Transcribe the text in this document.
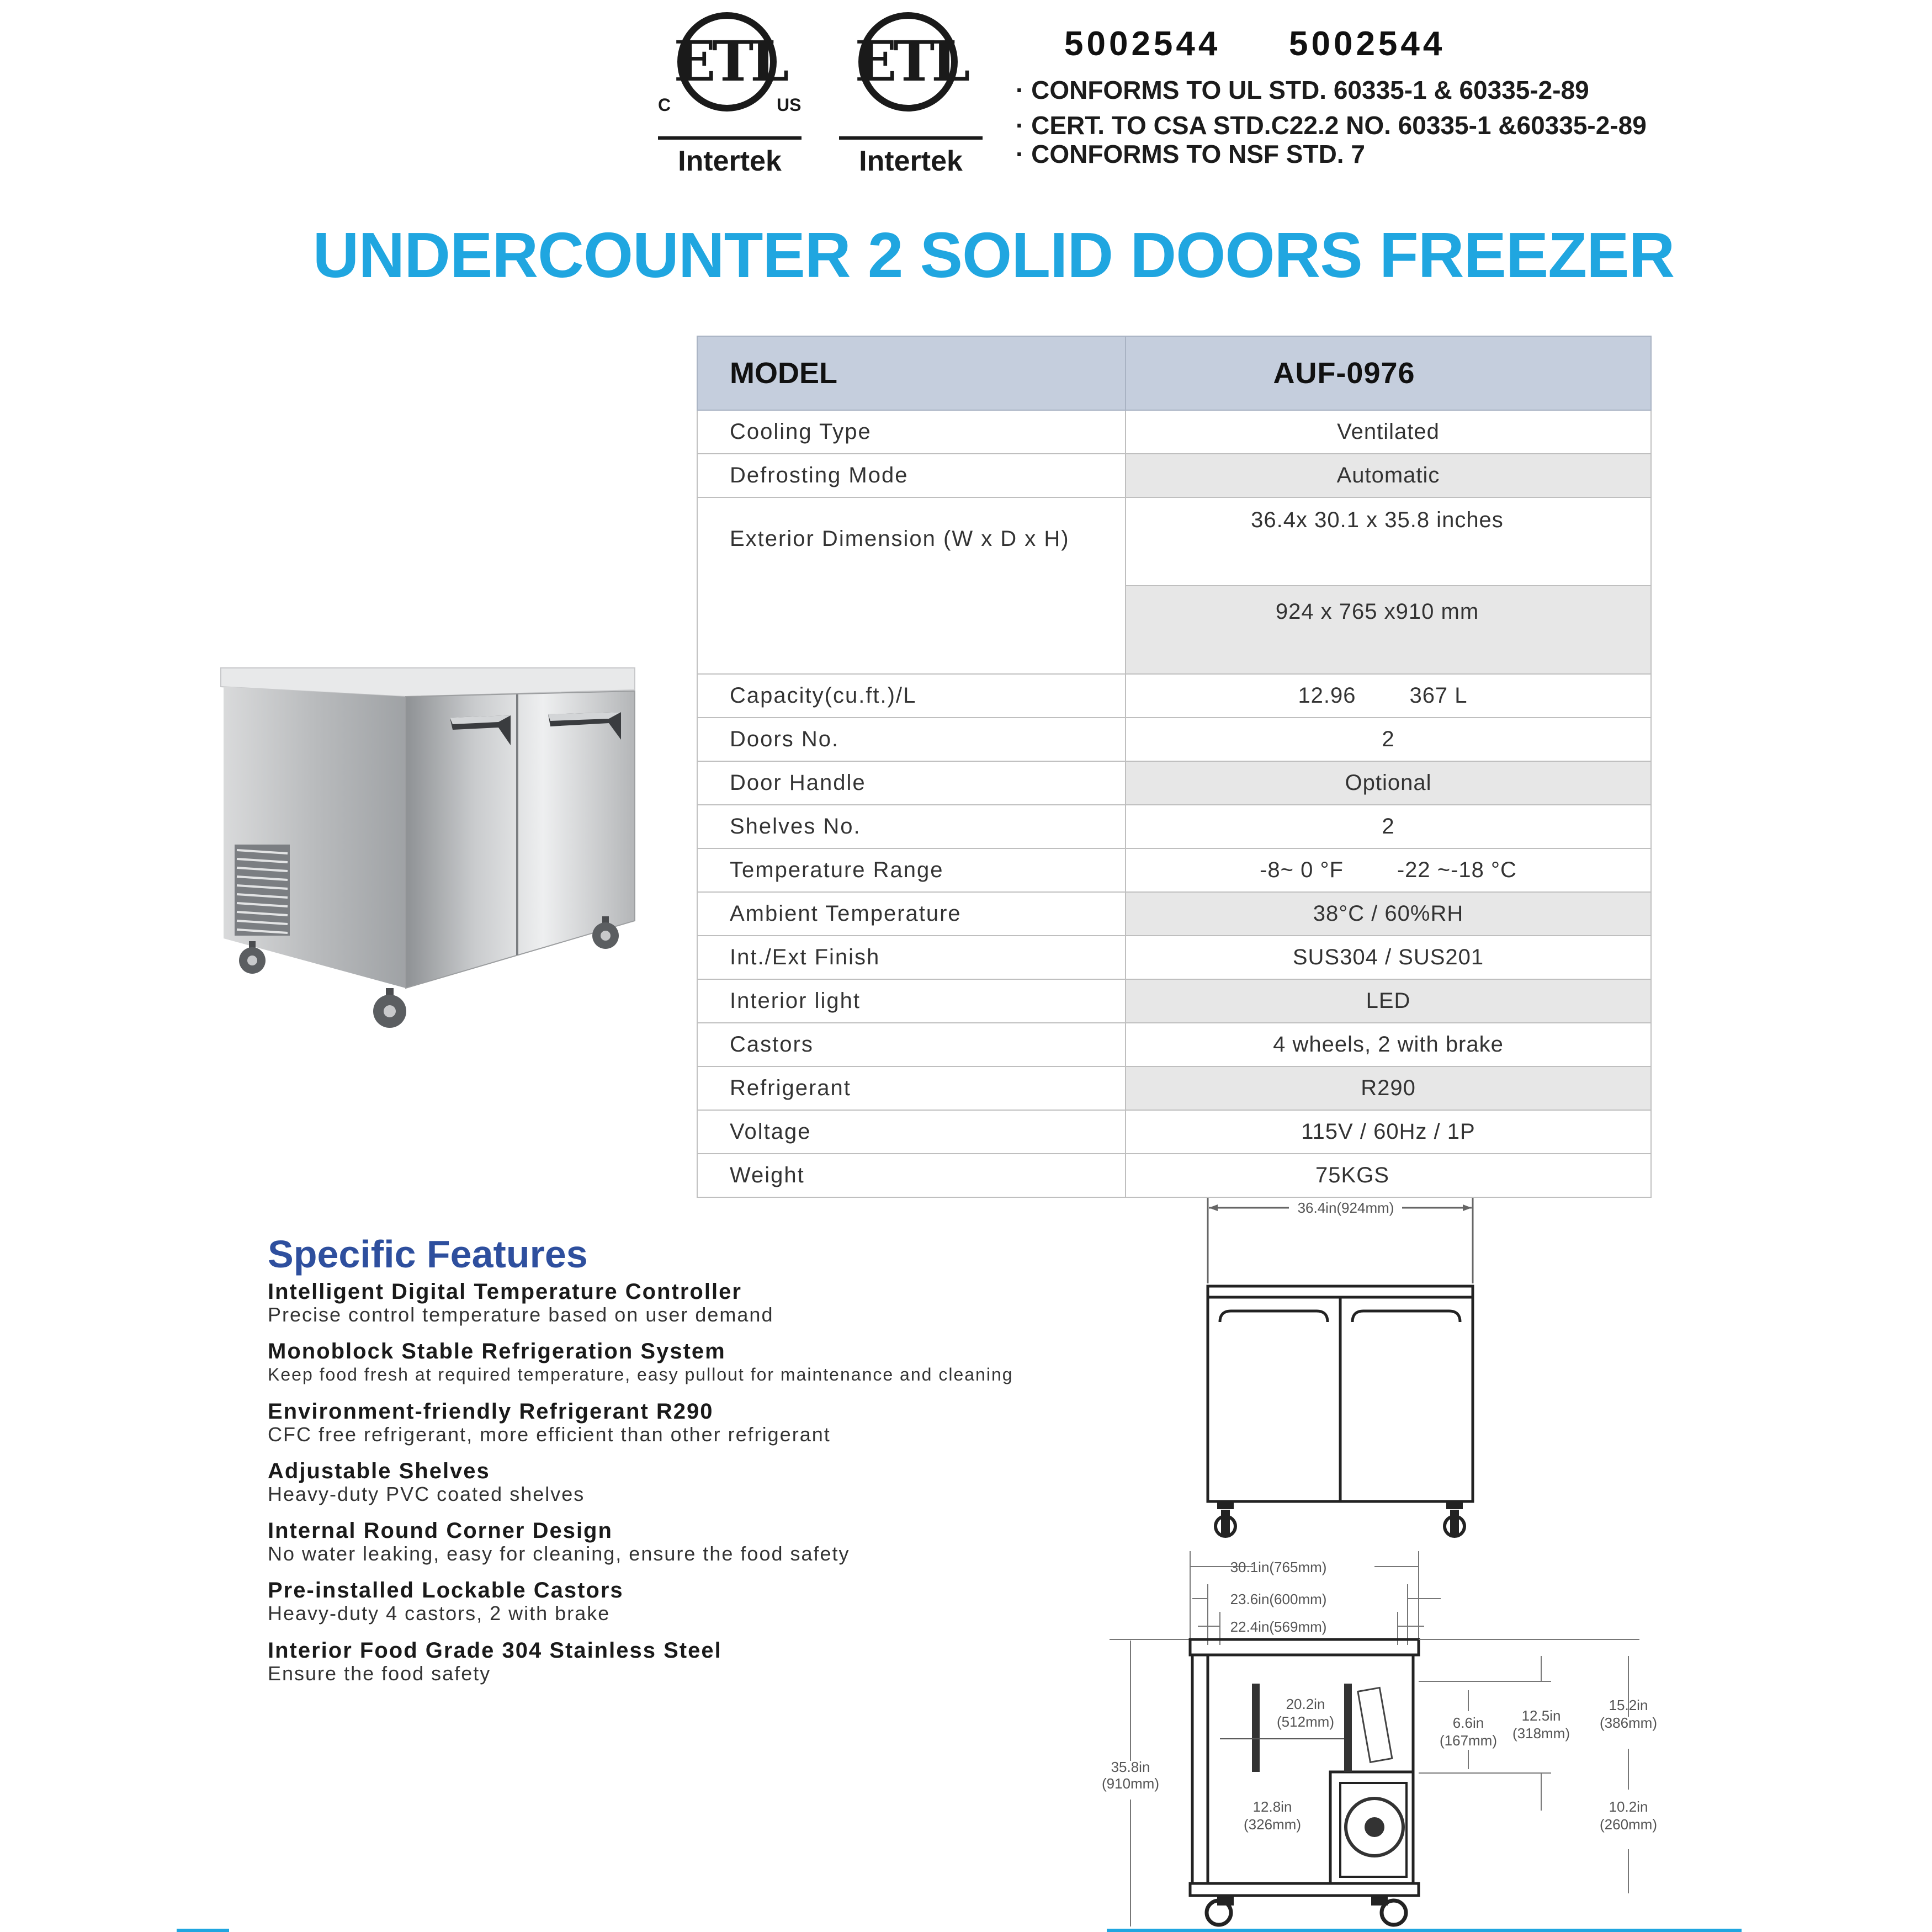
ETL
C	US
Intertek
ETL
Intertek
5002544 5002544
· CONFORMS TO UL STD. 60335-1 & 60335-2-89
· CERT. TO CSA STD.C22.2 NO. 60335-1 &60335-2-89
· CONFORMS TO NSF STD. 7
UNDERCOUNTER 2 SOLID DOORS FREEZER
MODEL	AUF-0976
Cooling Type	Ventilated
Defrosting Mode	Automatic
Exterior Dimension (W x D x H)	36.4x 30.1 x 35.8 inches
	924 x 765 x910 mm
Capacity(cu.ft.)/L	12.96        367 L
Doors No.	2
Door Handle	Optional
Shelves No.	2
Temperature Range	-8~ 0 °F        -22 ~-18 °C
Ambient Temperature	38°C / 60%RH
Int./Ext Finish	SUS304 / SUS201
Interior light	LED
Castors	4 wheels, 2 with brake
Refrigerant	R290
Voltage	115V / 60Hz / 1P
Weight	75KGS
Specific Features
Intelligent Digital Temperature Controller
Precise control temperature based on user demand
Monoblock Stable Refrigeration System
Keep food fresh at required temperature, easy pullout for maintenance and cleaning
Environment-friendly Refrigerant R290
CFC free refrigerant, more efficient than other refrigerant
Adjustable Shelves
Heavy-duty PVC coated shelves
Internal Round Corner Design
No water leaking, easy for cleaning, ensure the food safety
Pre-installed Lockable Castors
Heavy-duty 4 castors, 2 with brake
Interior Food Grade 304 Stainless Steel
Ensure the food safety
36.4in(924mm)
30.1in(765mm)
23.6in(600mm)
22.4in(569mm)
35.8in
(910mm)
20.2in
(512mm)
12.8in
(326mm)
6.6in
(167mm)
12.5in
(318mm)
15.2in
(386mm)
10.2in
(260mm)
